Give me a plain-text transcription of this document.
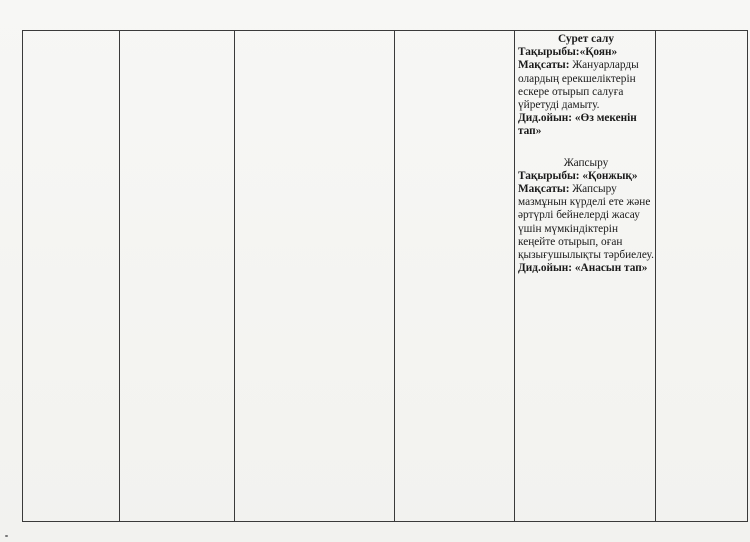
Сурет салу

Тақырыбы:«Қоян»

Мақсаты: Жануарларды олардың ерекшеліктерін ескере отырып салуға үйретуді дамыту.

Дид.ойын: «Өз мекенін тап»

Жапсыру

Тақырыбы: «Қонжық»

Мақсаты: Жапсыру мазмұнын күрделі ете және әртүрлі бейнелерді жасау үшін мүмкіндіктерін кеңейте отырып, оған қызығушылықты тәрбиелеу.

Дид.ойын: «Анасын тап»
